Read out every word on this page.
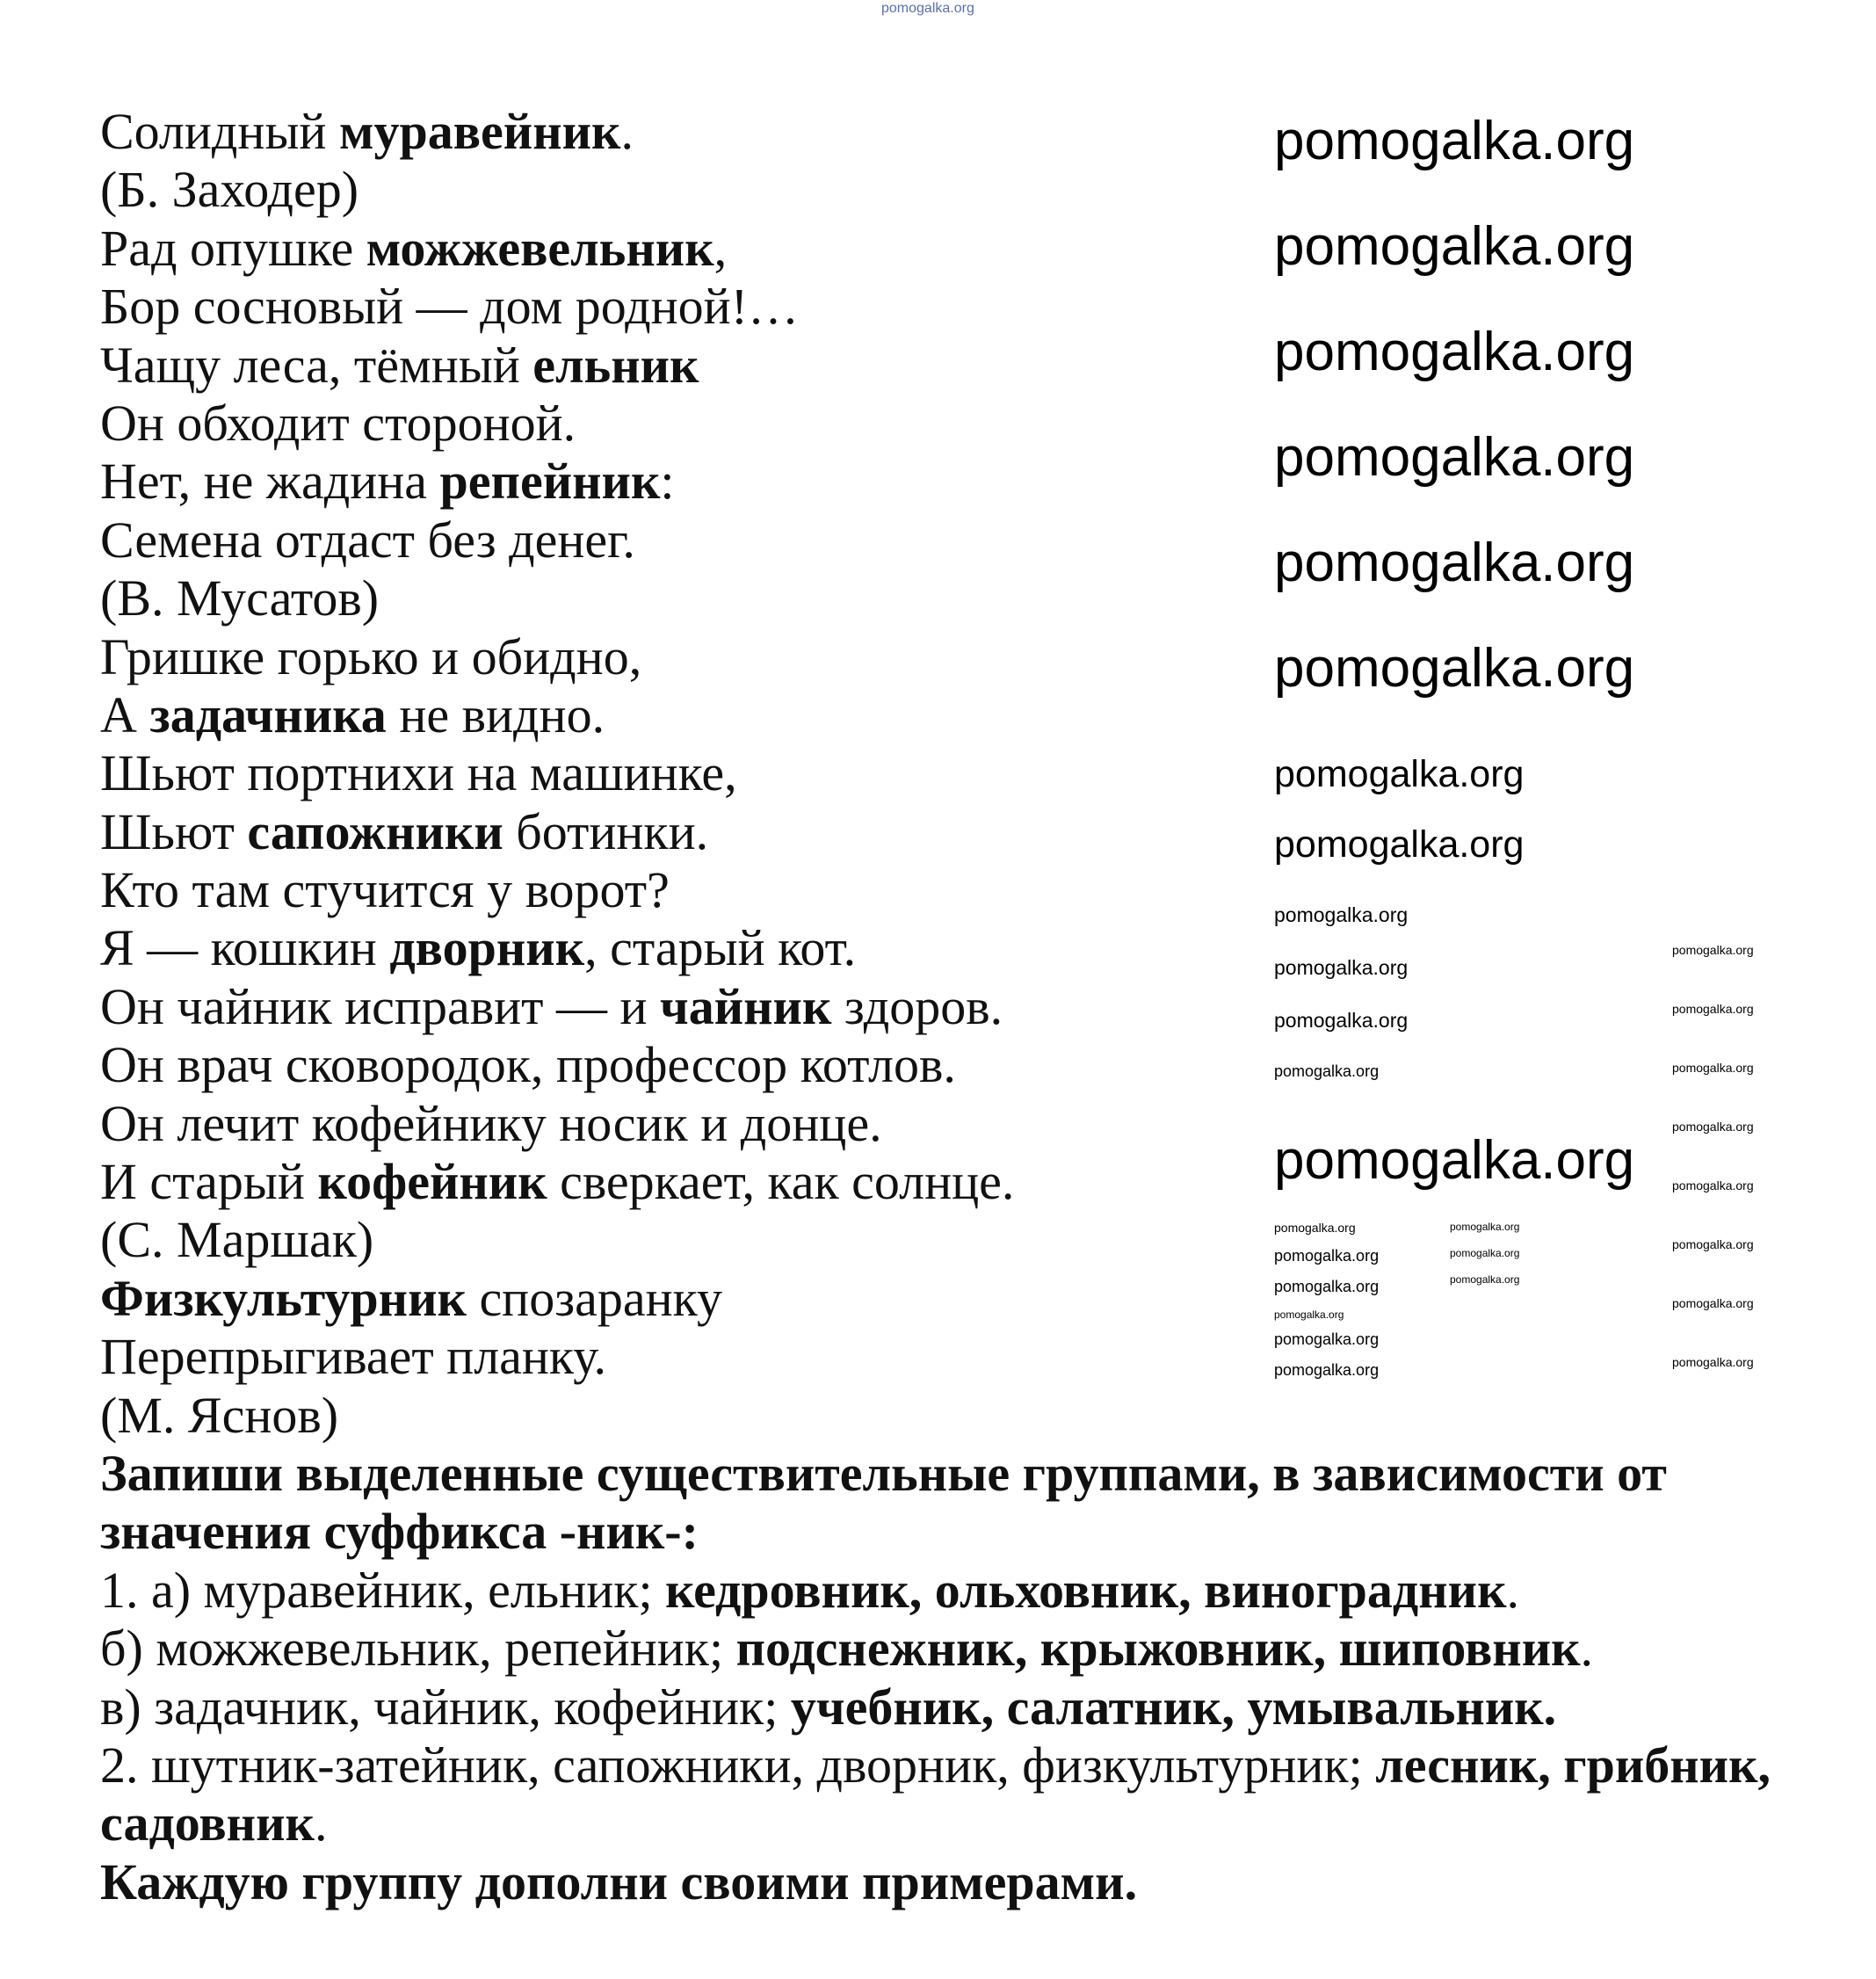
Солидный муравейник.
(Б. Заходер)
Рад опушке можжевельник,
Бор сосновый — дом родной!…
Чащу леса, тёмный ельник
Он обходит стороной.
Нет, не жадина репейник:
Семена отдаст без денег.
(В. Мусатов)
Гришке горько и обидно,
А задачника не видно.
Шьют портнихи на машинке,
Шьют сапожники ботинки.
Кто там стучится у ворот?
Я — кошкин дворник, старый кот.
Он чайник исправит — и чайник здоров.
Он врач сковородок, профессор котлов.
Он лечит кофейнику носик и донце.
И старый кофейник сверкает, как солнце.
(С. Маршак)
Физкультурник спозаранку
Перепрыгивает планку.
(М. Яснов)
Запиши выделенные существительные группами, в зависимости от
значения суффикса -ник-:
1. а) муравейник, ельник; кедровник, ольховник, виноградник.
б) можжевельник, репейник; подснежник, крыжовник, шиповник.
в) задачник, чайник, кофейник; учебник, салатник, умывальник.
2. шутник-затейник, сапожники, дворник, физкультурник; лесник, грибник,
садовник.
Каждую группу дополни своими примерами.
pomogalka.org
pomogalka.org
pomogalka.org
pomogalka.org
pomogalka.org
pomogalka.org
pomogalka.org
pomogalka.org
pomogalka.org
pomogalka.org
pomogalka.org
pomogalka.org
pomogalka.org
pomogalka.org
pomogalka.org
pomogalka.org
pomogalka.org
pomogalka.org
pomogalka.org
pomogalka.org
pomogalka.org
pomogalka.org
pomogalka.org
pomogalka.org
pomogalka.org
pomogalka.org
pomogalka.org
pomogalka.org
pomogalka.org
pomogalka.org
pomogalka.org
